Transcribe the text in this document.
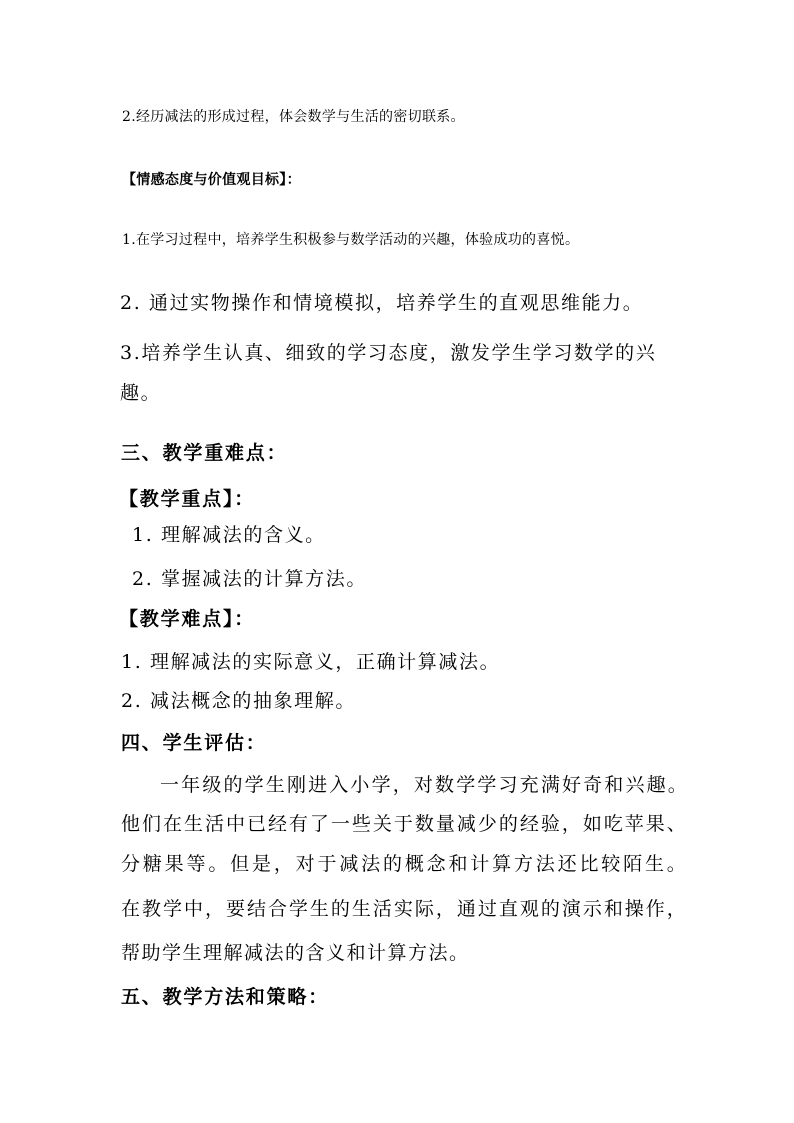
2.经历减法的形成过程，体会数学与生活的密切联系。

【情感态度与价值观目标】：

1.在学习过程中，培养学生积极参与数学活动的兴趣，体验成功的喜悦。

2. 通过实物操作和情境模拟，培养学生的直观思维能力。

3.培养学生认真、细致的学习态度，激发学生学习数学的兴

趣。

三、教学重难点：

【教学重点】：

1. 理解减法的含义。

2. 掌握减法的计算方法。

【教学难点】：

1. 理解减法的实际意义，正确计算减法。

2. 减法概念的抽象理解。

四、学生评估：

一年级的学生刚进入小学，对数学学习充满好奇和兴趣。

他们在生活中已经有了一些关于数量减少的经验，如吃苹果、

分糖果等。但是，对于减法的概念和计算方法还比较陌生。

在教学中，要结合学生的生活实际，通过直观的演示和操作，

帮助学生理解减法的含义和计算方法。

五、教学方法和策略：
